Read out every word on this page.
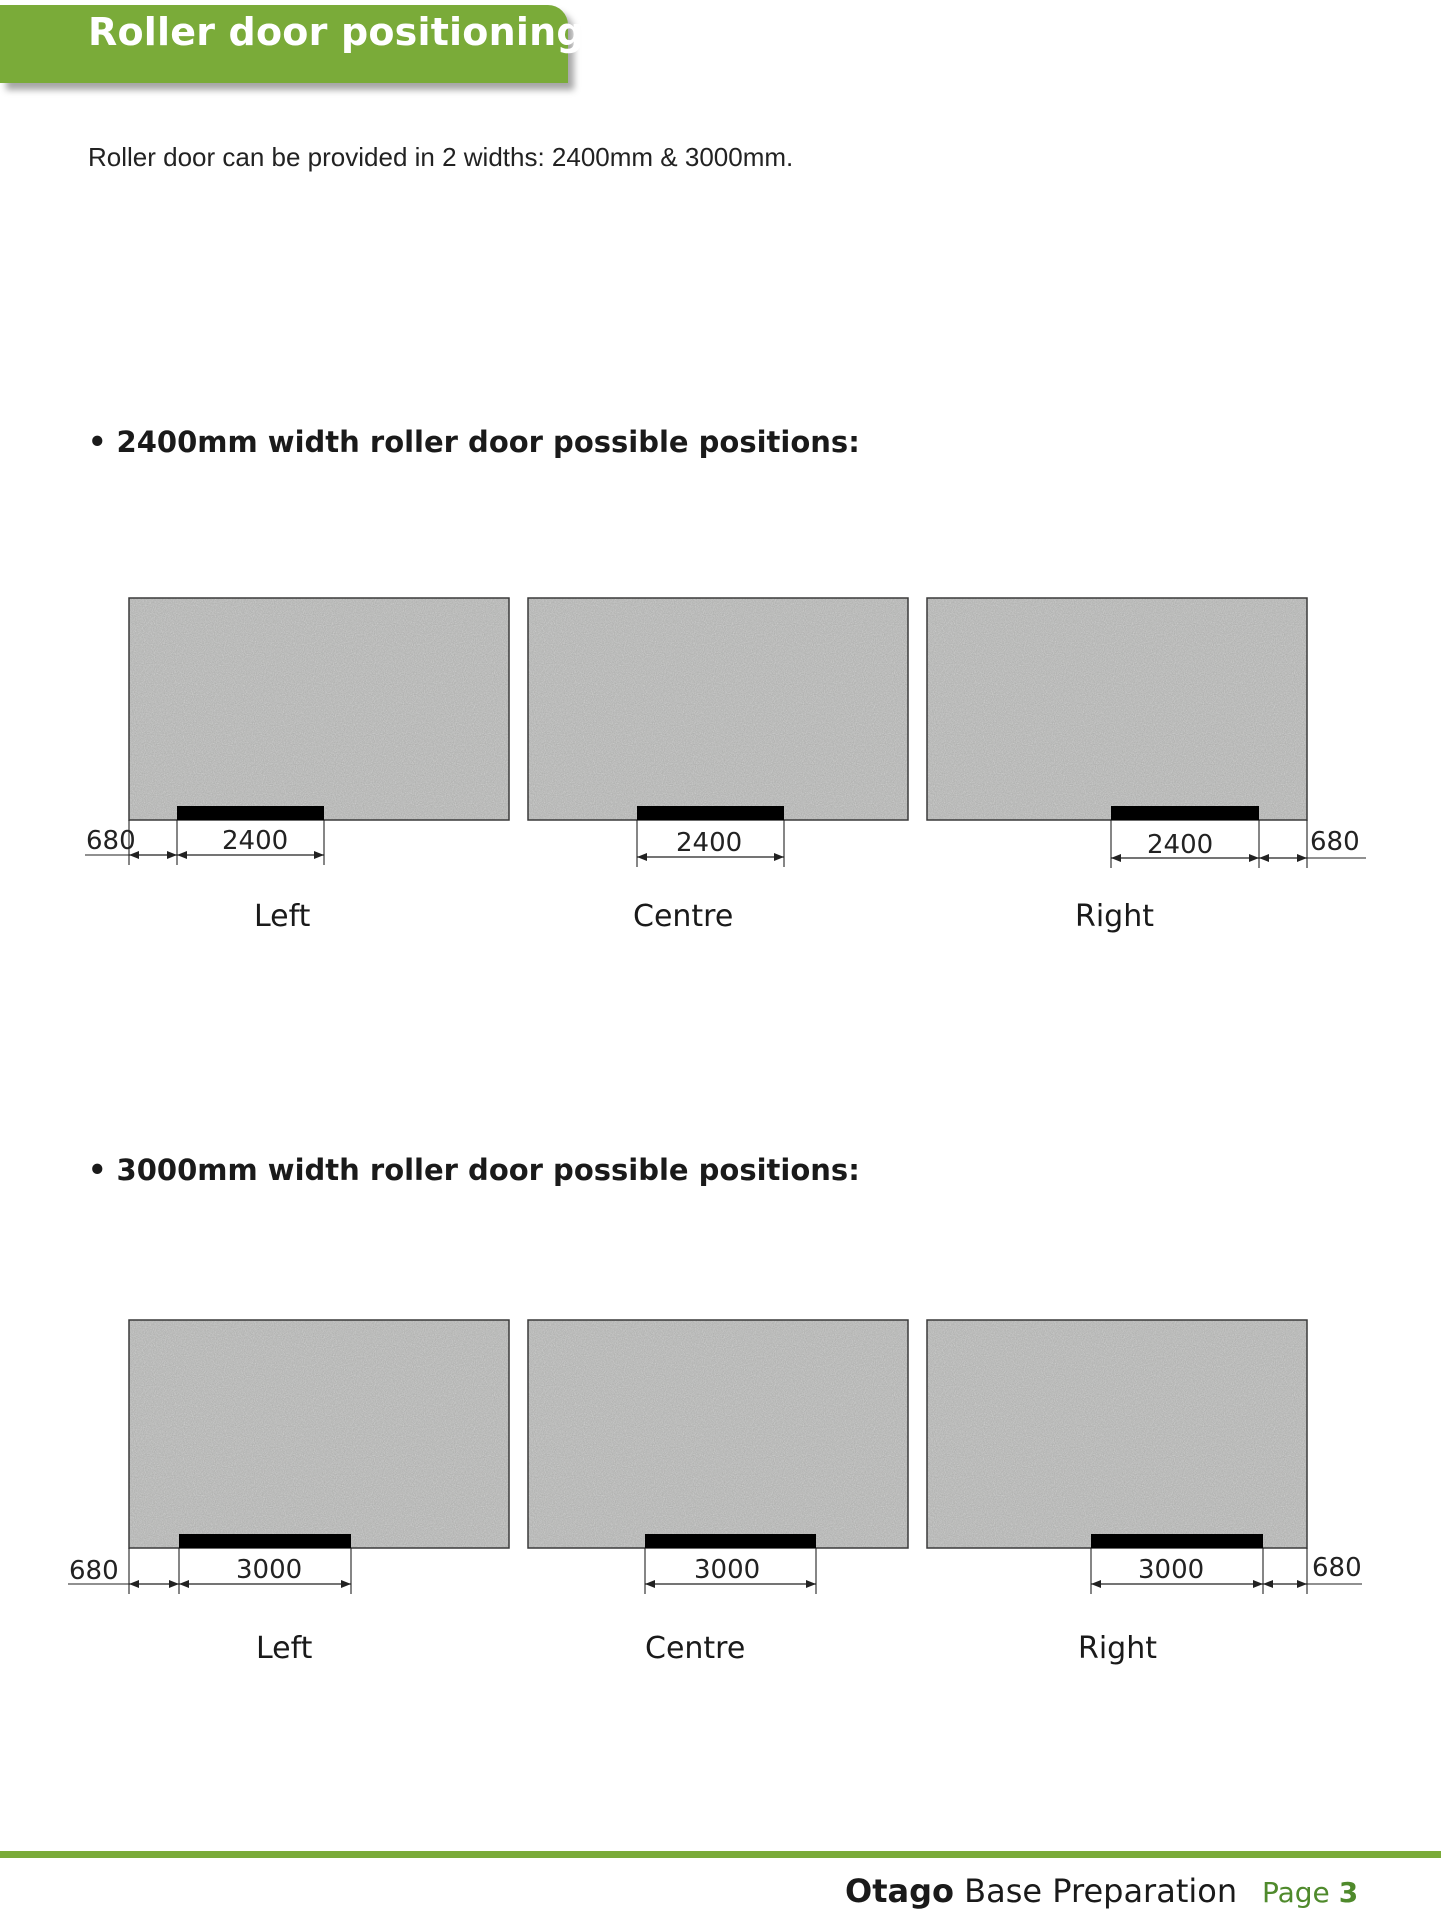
Roller door positioning
Roller door can be provided in 2 widths: 2400mm & 3000mm.
• 2400mm width roller door possible positions:
680	2400
Left
2400
Centre
2400	680
Right
• 3000mm width roller door possible positions:
680	3000
Left
3000
Centre
3000	680
Right
Otago Base Preparation Page 3
